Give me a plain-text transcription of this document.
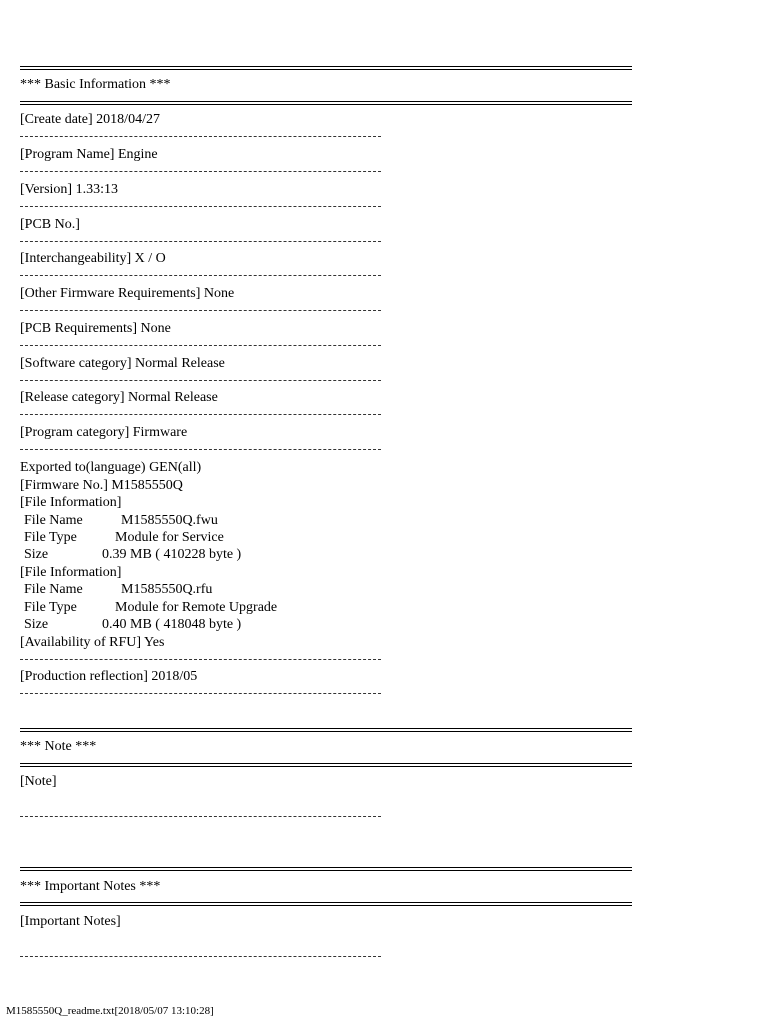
*** Basic Information ***
[Create date] 2018/04/27
[Program Name] Engine
[Version] 1.33:13
[PCB No.]
[Interchangeability] X / O
[Other Firmware Requirements] None
[PCB Requirements] None
[Software category] Normal Release
[Release category] Normal Release
[Program category] Firmware
Exported to(language) GEN(all)
[Firmware No.] M1585550Q
[File Information]
File Name	M1585550Q.fwu
File Type	Module for Service
Size	0.39 MB ( 410228 byte )
[File Information]
File Name	M1585550Q.rfu
File Type	Module for Remote Upgrade
Size	0.40 MB ( 418048 byte )
[Availability of RFU] Yes
[Production reflection] 2018/05
*** Note ***
[Note]
*** Important Notes ***
[Important Notes]
M1585550Q_readme.txt[2018/05/07 13:10:28]
